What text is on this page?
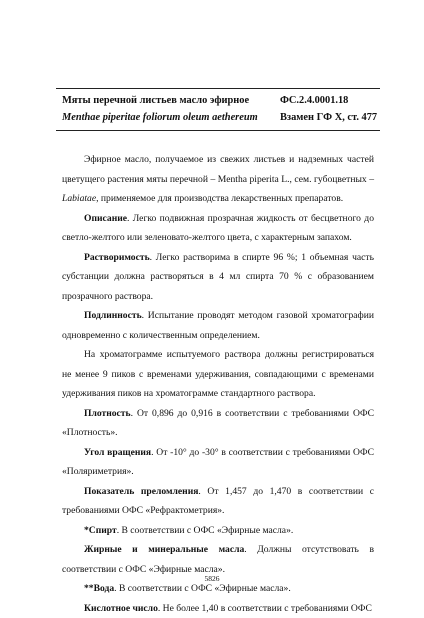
Мяты перечной листьев масло эфирное	ФС.2.4.0001.18
Menthae piperitae foliorum oleum aethereum Взамен ГФ X, ст. 477

Эфирное масло, получаемое из свежих листьев и надземных частей цветущего растения мяты перечной – Mentha piperita L., сем. губоцветных – Labiatae, применяемое для производства лекарственных препаратов.

Описание. Легко подвижная прозрачная жидкость от бесцветного до светло-желтого или зеленовато-желтого цвета, с характерным запахом.

Растворимость. Легко растворима в спирте 96 %; 1 объемная часть субстанции должна растворяться в 4 мл спирта 70 % с образованием прозрачного раствора.

Подлинность. Испытание проводят методом газовой хроматографии одновременно с количественным определением.

На хроматограмме испытуемого раствора должны регистрироваться не менее 9 пиков с временами удерживания, совпадающими с временами удерживания пиков на хроматограмме стандартного раствора.

Плотность. От 0,896 до 0,916 в соответствии с требованиями ОФС «Плотность».

Угол вращения. От -10° до -30° в соответствии с требованиями ОФС «Поляриметрия».

Показатель преломления. От 1,457 до 1,470 в соответствии с требованиями ОФС «Рефрактометрия».

*Спирт. В соответствии с ОФС «Эфирные масла».

Жирные и минеральные масла. Должны отсутствовать в соответствии с ОФС «Эфирные масла».

**Вода. В соответствии с ОФС «Эфирные масла».

Кислотное число. Не более 1,40 в соответствии с требованиями ОФС

5826
